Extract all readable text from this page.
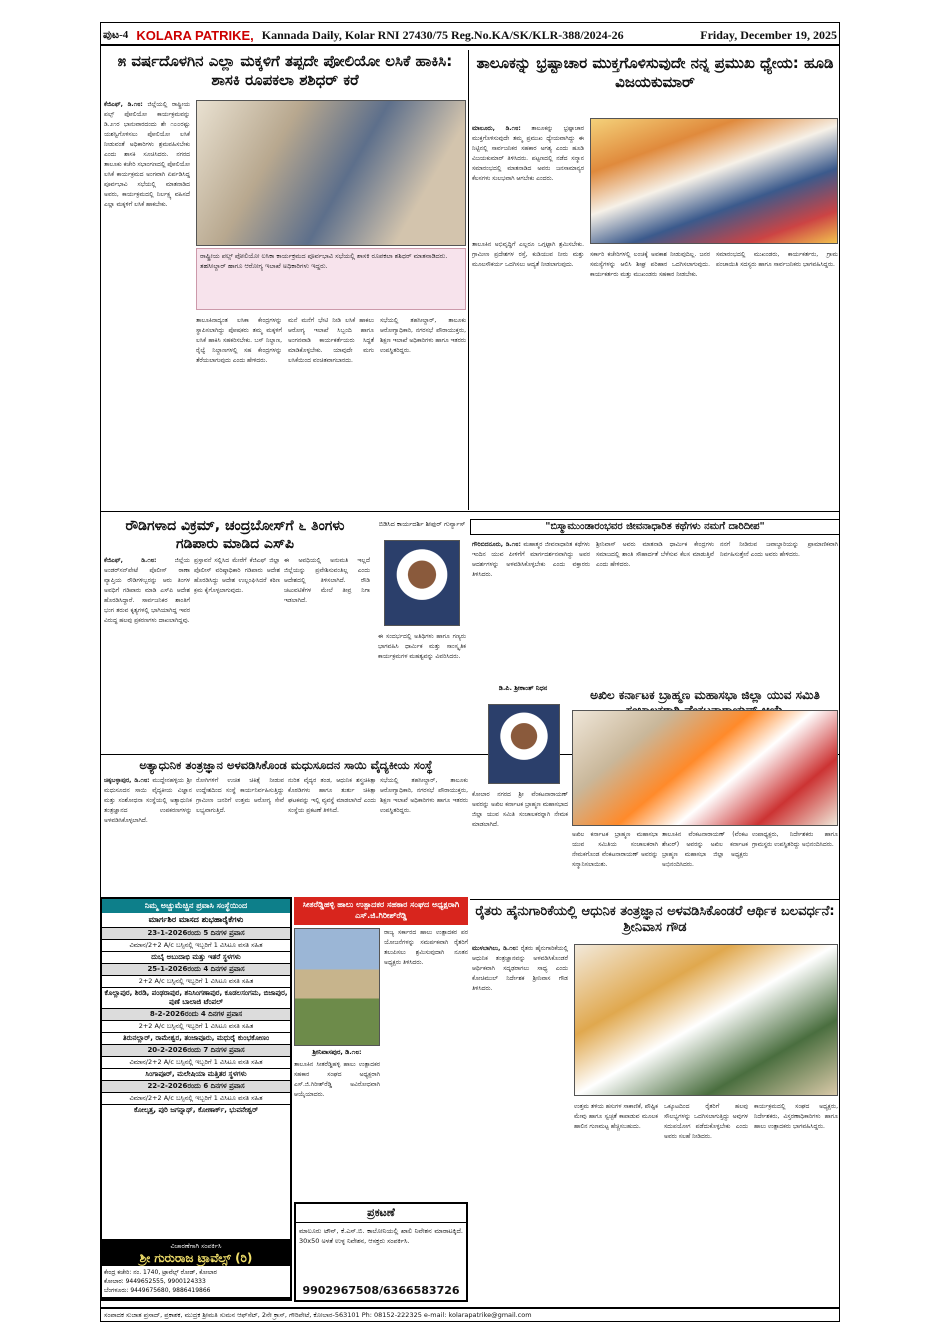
ಪುಟ-4 KOLARA PATRIKE, Kannada Daily, Kolar RNI 27430/75 Reg.No.KA/SK/KLR-388/2024-26	Friday, December 19, 2025
೫ ವರ್ಷದೊಳಗಿನ ಎಲ್ಲಾ ಮಕ್ಕಳಿಗೆ ತಪ್ಪದೇ ಪೋಲಿಯೋ ಲಸಿಕೆ ಹಾಕಿಸಿ: ಶಾಸಕಿ ರೂಪಕಲಾ ಶಶಿಧರ್ ಕರೆ
ಕೆಜಿಎಫ್, ಡಿ.೧೮: ಜಿಲ್ಲೆಯಲ್ಲಿ ರಾಷ್ಟ್ರೀಯ ಪಲ್ಸ್ ಪೋಲಿಯೋ ಕಾರ್ಯಕ್ರಮವನ್ನು ಡಿ.೨೧ರ ಭಾನುವಾರದಂದು ಶೇ ೧೦೦ರಷ್ಟು ಯಶಸ್ವಿಗೊಳಿಸಲು ಪೋಲಿಯೋ ಲಸಿಕೆ ನೀಡುವಂತೆ ಅಧಿಕಾರಿಗಳು ಶ್ರಮವಹಿಸಬೇಕು ಎಂದು ಶಾಸಕಿ ಸೂಚಿಸಿದರು. ನಗರದ ತಾಲೂಕು ಕಚೇರಿ ಸಭಾಂಗಣದಲ್ಲಿ ಪೋಲಿಯೋ ಲಸಿಕೆ ಕಾರ್ಯಕ್ರಮದ ಅಂಗವಾಗಿ ಏರ್ಪಡಿಸಿದ್ದ ಪೂರ್ವಭಾವಿ ಸಭೆಯಲ್ಲಿ ಮಾತನಾಡಿದ ಅವರು, ಕಾರ್ಯಕ್ರಮದಲ್ಲಿ ನಿರ್ಲಕ್ಷ್ಯ ವಹಿಸದೆ ಎಲ್ಲಾ ಮಕ್ಕಳಿಗೆ ಲಸಿಕೆ ಹಾಕಬೇಕು.
ರಾಷ್ಟ್ರೀಯ ಪಲ್ಸ್ ಪೋಲಿಯೋ ಲಸಿಕಾ ಕಾರ್ಯಕ್ರಮದ ಪೂರ್ವಭಾವಿ ಸಭೆಯಲ್ಲಿ ಶಾಸಕಿ ರೂಪಕಲಾ ಶಶಿಧರ್ ಮಾತನಾಡಿದರು. ತಹಸೀಲ್ದಾರ್ ಹಾಗೂ ಆರೋಗ್ಯ ಇಲಾಖೆ ಅಧಿಕಾರಿಗಳು ಇದ್ದರು.
ತಾಲೂಕಿನಾದ್ಯಂತ ಲಸಿಕಾ ಕೇಂದ್ರಗಳನ್ನು ಸ್ಥಾಪಿಸಲಾಗಿದ್ದು ಪೋಷಕರು ತಮ್ಮ ಮಕ್ಕಳಿಗೆ ಲಸಿಕೆ ಹಾಕಿಸಿ ಸಹಕರಿಸಬೇಕು. ಬಸ್ ನಿಲ್ದಾಣ, ರೈಲ್ವೆ ನಿಲ್ದಾಣಗಳಲ್ಲಿ ಸಹ ಕೇಂದ್ರಗಳನ್ನು ತೆರೆಯಲಾಗುವುದು ಎಂದು ಹೇಳಿದರು.
ಮನೆ ಮನೆಗೆ ಭೇಟಿ ನೀಡಿ ಲಸಿಕೆ ಹಾಕಲು ಆರೋಗ್ಯ ಇಲಾಖೆ ಸಿಬ್ಬಂದಿ ಹಾಗೂ ಅಂಗನವಾಡಿ ಕಾರ್ಯಕರ್ತೆಯರು ಸಿದ್ಧತೆ ಮಾಡಿಕೊಳ್ಳಬೇಕು. ಯಾವುದೇ ಮಗು ಲಸಿಕೆಯಿಂದ ವಂಚಿತವಾಗಬಾರದು.
ಸಭೆಯಲ್ಲಿ ತಹಸೀಲ್ದಾರ್, ತಾಲೂಕು ಆರೋಗ್ಯಾಧಿಕಾರಿ, ನಗರಸಭೆ ಪೌರಾಯುಕ್ತರು, ಶಿಕ್ಷಣ ಇಲಾಖೆ ಅಧಿಕಾರಿಗಳು ಹಾಗೂ ಇತರರು ಉಪಸ್ಥಿತರಿದ್ದರು.
ತಾಲೂಕನ್ನು ಭ್ರಷ್ಟಾಚಾರ ಮುಕ್ತಗೊಳಿಸುವುದೇ ನನ್ನ ಪ್ರಮುಖ ಧ್ಯೇಯ: ಹೂಡಿ ವಿಜಯಕುಮಾರ್
ಮಾಲೂರು, ಡಿ.೧೮: ತಾಲೂಕನ್ನು ಭ್ರಷ್ಟಾಚಾರ ಮುಕ್ತಗೊಳಿಸುವುದೇ ತಮ್ಮ ಪ್ರಮುಖ ಧ್ಯೇಯವಾಗಿದ್ದು ಈ ನಿಟ್ಟಿನಲ್ಲಿ ಸಾರ್ವಜನಿಕರ ಸಹಕಾರ ಅಗತ್ಯ ಎಂದು ಹೂಡಿ ವಿಜಯಕುಮಾರ್ ತಿಳಿಸಿದರು. ಪಟ್ಟಣದಲ್ಲಿ ನಡೆದ ಸನ್ಮಾನ ಸಮಾರಂಭದಲ್ಲಿ ಮಾತನಾಡಿದ ಅವರು ಜನಸಾಮಾನ್ಯರ ಕೆಲಸಗಳು ಸುಲಭವಾಗಿ ಆಗಬೇಕು ಎಂದರು.
ತಾಲೂಕಿನ ಅಭಿವೃದ್ಧಿಗೆ ಎಲ್ಲರೂ ಒಗ್ಗಟ್ಟಾಗಿ ಶ್ರಮಿಸಬೇಕು. ಗ್ರಾಮೀಣ ಪ್ರದೇಶಗಳ ರಸ್ತೆ, ಕುಡಿಯುವ ನೀರು ಮತ್ತು ಮೂಲಸೌಕರ್ಯ ಒದಗಿಸಲು ಆದ್ಯತೆ ನೀಡಲಾಗುವುದು.
ಸರ್ಕಾರಿ ಕಚೇರಿಗಳಲ್ಲಿ ಲಂಚಕ್ಕೆ ಅವಕಾಶ ನೀಡುವುದಿಲ್ಲ. ಜನರ ಸಮಸ್ಯೆಗಳನ್ನು ಆಲಿಸಿ ಶೀಘ್ರ ಪರಿಹಾರ ಒದಗಿಸಲಾಗುವುದು. ಕಾರ್ಯಕರ್ತರು ಮತ್ತು ಮುಖಂಡರು ಸಹಕಾರ ನೀಡಬೇಕು.
ಸಮಾರಂಭದಲ್ಲಿ ಮುಖಂಡರು, ಕಾರ್ಯಕರ್ತರು, ಗ್ರಾಮ ಪಂಚಾಯಿತಿ ಸದಸ್ಯರು ಹಾಗೂ ಸಾರ್ವಜನಿಕರು ಭಾಗವಹಿಸಿದ್ದರು.
ರೌಡಿಗಳಾದ ವಿಕ್ರಮ್, ಚಂದ್ರಬೋಸ್‌ಗೆ ೬ ತಿಂಗಳು ಗಡಿಪಾರು ಮಾಡಿದ ಎಸ್‌ಪಿ
ಕೆಜಿಎಫ್, ಡಿ.೧೮:	ಜಿಲ್ಲೆಯ ಅಂಡರ್‌ಸನ್‌ಪೇಟೆ ಪೊಲೀಸ್ ಠಾಣಾ ವ್ಯಾಪ್ತಿಯ ರೌಡಿಗಳಿಬ್ಬರನ್ನು ಆರು ತಿಂಗಳ ಅವಧಿಗೆ ಗಡಿಪಾರು ಮಾಡಿ ಎಸ್‌ಪಿ ಆದೇಶ ಹೊರಡಿಸಿದ್ದಾರೆ. ಸಾರ್ವಜನಿಕರ ಶಾಂತಿಗೆ ಭಂಗ ತರುವ ಕೃತ್ಯಗಳಲ್ಲಿ ಭಾಗಿಯಾಗಿದ್ದ ಇವರ ವಿರುದ್ಧ ಹಲವು ಪ್ರಕರಣಗಳು ದಾಖಲಾಗಿದ್ದವು.
ಪ್ರಸ್ತಾವನೆ ಸಲ್ಲಿಸಿದ ಮೇರೆಗೆ ಕೆಜಿಎಫ್ ಜಿಲ್ಲಾ ಪೊಲೀಸ್ ವರಿಷ್ಠಾಧಿಕಾರಿ ಗಡಿಪಾರು ಆದೇಶ ಹೊರಡಿಸಿದ್ದು ಆದೇಶ ಉಲ್ಲಂಘಿಸಿದರೆ ಕಠಿಣ ಕ್ರಮ ಕೈಗೊಳ್ಳಲಾಗುವುದು.
ಈ ಅವಧಿಯಲ್ಲಿ ಅನುಮತಿ ಇಲ್ಲದೆ ಜಿಲ್ಲೆಯನ್ನು ಪ್ರವೇಶಿಸುವಂತಿಲ್ಲ ಎಂದು ಆದೇಶದಲ್ಲಿ ತಿಳಿಸಲಾಗಿದೆ. ರೌಡಿ ಚಟುವಟಿಕೆಗಳ ಮೇಲೆ ತೀವ್ರ ನಿಗಾ ಇಡಲಾಗಿದೆ.
ಬಿಡಿಸಿದ ಕಾರ್ಯದರ್ಶಿ ಶೀಫುರ್ ಗುರ್ನ್ಯಾಸ್
ಈ ಸಂದರ್ಭದಲ್ಲಿ ಅತಿಥಿಗಳು ಹಾಗೂ ಗಣ್ಯರು ಭಾಗವಹಿಸಿ ಧಾರ್ಮಿಕ ಮತ್ತು ಸಾಂಸ್ಕೃತಿಕ ಕಾರ್ಯಕ್ರಮಗಳ ಮಹತ್ವವನ್ನು ವಿವರಿಸಿದರು.
"ಬಿಸ್ಮಾಮುಂಡಾರಂಭವರ ಜೀವನಾಧಾರಿತ ಕಥೆಗಳು ನಮಗೆ ದಾರಿದೀಪ"
ಗೌರಿಬಿದನೂರು, ಡಿ.೧೮: ಮಹಾತ್ಮರ ಜೀವನಾಧಾರಿತ ಕಥೆಗಳು ಇಂದಿನ ಯುವ ಪೀಳಿಗೆಗೆ ಮಾರ್ಗದರ್ಶನವಾಗಿದ್ದು ಅವರ ಆದರ್ಶಗಳನ್ನು ಅಳವಡಿಸಿಕೊಳ್ಳಬೇಕು ಎಂದು ವಕ್ತಾರರು ತಿಳಿಸಿದರು.
ಶ್ರೀನಿವಾಸ್ ಅವರು ಮಾತನಾಡಿ ಧಾರ್ಮಿಕ ಕೇಂದ್ರಗಳು ಸಮಾಜದಲ್ಲಿ ಶಾಂತಿ ಸೌಹಾರ್ದತೆ ಬೆಳೆಸುವ ಕೆಲಸ ಮಾಡುತ್ತಿವೆ ಎಂದು ಹೇಳಿದರು.
ನನಗೆ ನೀಡಿರುವ ಜವಾಬ್ದಾರಿಯನ್ನು ಪ್ರಾಮಾಣಿಕವಾಗಿ ನಿರ್ವಹಿಸುತ್ತೇನೆ ಎಂದು ಅವರು ಹೇಳಿದರು.
ಡಿ.ಪಿ. ಶ್ರೀಕಾಂತ್ ನಿಧನ	ಅಖಿಲ ಕರ್ನಾಟಕ ಬ್ರಾಹ್ಮಣ ಮಹಾಸಭಾ ಜಿಲ್ಲಾ ಯುವ ಸಮಿತಿ
ಕೋಲಾರ ನಗರದ ಶ್ರೀ ವೆಂಕಟನಾರಾಯಣ್ ಅವರನ್ನು ಅಖಿಲ ಕರ್ನಾಟಕ ಬ್ರಾಹ್ಮಣ ಮಹಾಸಭಾದ ಜಿಲ್ಲಾ ಯುವ ಸಮಿತಿ ಸಂಚಾಲಕರನ್ನಾಗಿ ನೇಮಕ ಮಾಡಲಾಗಿದೆ.
ಅಖಿಲ ಕರ್ನಾಟಕ ಬ್ರಾಹ್ಮಣ ಮಹಾಸಭಾ ಯುವ ಸಮಿತಿಯ ಸಂಚಾಲಕರಾಗಿ ನೇಮಕಗೊಂಡ ವೆಂಕಟನಾರಾಯಣ್ ಅವರನ್ನು ಸನ್ಮಾನಿಸಲಾಯಿತು.
ತಾಲೂಕಿನ ವೆಂಕಟನಾರಾಯಣ್ (ವೆಂಕಟ ಶೇಖರ್) ಅವರನ್ನು ಅಖಿಲ ಕರ್ನಾಟಕ ಬ್ರಾಹ್ಮಣ ಮಹಾಸಭಾ ಜಿಲ್ಲಾ ಅಧ್ಯಕ್ಷರು ಅಭಿನಂದಿಸಿದರು.
ಉಪಾಧ್ಯಕ್ಷರು, ನಿರ್ದೇಶಕರು ಹಾಗೂ ಗ್ರಾಮಸ್ಥರು ಉಪಸ್ಥಿತರಿದ್ದು ಅಭಿನಂದಿಸಿದರು.
ಅತ್ಯಾಧುನಿಕ ತಂತ್ರಜ್ಞಾನ ಅಳವಡಿಸಿಕೊಂಡ ಮಧುಸೂದನ ಸಾಯಿ ವೈದ್ಯಕೀಯ ಸಂಸ್ಥೆ
ಚಿಕ್ಕಬಳ್ಳಾಪುರ, ಡಿ.೧೮: ಮುದ್ದೇನಹಳ್ಳಿಯ ಶ್ರೀ ಮಧುಸೂದನ ಸಾಯಿ ವೈದ್ಯಕೀಯ ವಿಜ್ಞಾನ ಮತ್ತು ಸಂಶೋಧನಾ ಸಂಸ್ಥೆಯಲ್ಲಿ ಅತ್ಯಾಧುನಿಕ ತಂತ್ರಜ್ಞಾನದ ಉಪಕರಣಗಳನ್ನು ಅಳವಡಿಸಿಕೊಳ್ಳಲಾಗಿದೆ.
ರೋಗಿಗಳಿಗೆ ಉಚಿತ ಚಿಕಿತ್ಸೆ ನೀಡುವ ಉದ್ದೇಶದಿಂದ ಸಂಸ್ಥೆ ಕಾರ್ಯನಿರ್ವಹಿಸುತ್ತಿದ್ದು ಗ್ರಾಮೀಣ ಜನರಿಗೆ ಉತ್ತಮ ಆರೋಗ್ಯ ಸೇವೆ ಲಭ್ಯವಾಗುತ್ತಿದೆ.
ನುರಿತ ವೈದ್ಯರ ತಂಡ, ಆಧುನಿಕ ಶಸ್ತ್ರಚಿಕಿತ್ಸಾ ಕೊಠಡಿಗಳು ಹಾಗೂ ತುರ್ತು ಚಿಕಿತ್ಸಾ ಘಟಕವನ್ನು ಇಲ್ಲಿ ವ್ಯವಸ್ಥೆ ಮಾಡಲಾಗಿದೆ ಎಂದು ಸಂಸ್ಥೆಯ ಪ್ರಕಟಣೆ ತಿಳಿಸಿದೆ.
ಸಭೆಯಲ್ಲಿ ತಹಸೀಲ್ದಾರ್, ತಾಲೂಕು ಆರೋಗ್ಯಾಧಿಕಾರಿ, ನಗರಸಭೆ ಪೌರಾಯುಕ್ತರು, ಶಿಕ್ಷಣ ಇಲಾಖೆ ಅಧಿಕಾರಿಗಳು ಹಾಗೂ ಇತರರು ಉಪಸ್ಥಿತರಿದ್ದರು.
ನಿಮ್ಮ ಅಚ್ಚುಮೆಚ್ಚಿನ ಪ್ರವಾಸಿ ಸಂಸ್ಥೆಯಿಂದ
ಮಾರ್ಗಶಿರ ಮಾಸದ ಶುಭಹಾರೈಕೆಗಳು
23-1-2026ರಂದು 5 ದಿನಗಳ ಪ್ರವಾಸ
ವಿಮಾನ/2+2 A/c ಬಸ್ಸಿನಲ್ಲಿ ಇಬ್ಬರಿಗೆ 1 ವಿಸಿಟೂ ವಸತಿ ಸಹಿತ
ದುಬೈ ಅಬುದಾಭಿ ಮತ್ತು ಇತರೆ ಸ್ಥಳಗಳು
25-1-2026ರಂದು 4 ದಿನಗಳ ಪ್ರವಾಸ
2+2 A/c ಬಸ್ಸಿನಲ್ಲಿ ಇಬ್ಬರಿಗೆ 1 ವಿಸಿಟೂ ವಸತಿ ಸಹಿತ
ಕೊಲ್ಲಾಪುರ, ಶಿರಡಿ, ಪಂಢರಾಪುರ, ಶನಿಸಿಂಗಣಾಪುರ, ಕೂಡಲಸಂಗಮ, ಬಿಜಾಪುರ, ಪುಣೆ ಬಾಲಾಜಿ ಟೆಂಪಲ್
8-2-2026ರಂದು 4 ದಿನಗಳ ಪ್ರವಾಸ
2+2 A/c ಬಸ್ಸಿನಲ್ಲಿ ಇಬ್ಬರಿಗೆ 1 ವಿಸಿಟೂ ವಸತಿ ಸಹಿತ
ತಿರುನಲ್ಲಾರ್, ರಾಮೇಶ್ವರ, ತಂಜಾವೂರು, ಮಧುರೈ ಕುಂಭಕೋಣಂ
20-2-2026ರಂದು 7 ದಿನಗಳ ಪ್ರವಾಸ
ವಿಮಾನ/2+2 A/c ಬಸ್ಸಿನಲ್ಲಿ ಇಬ್ಬರಿಗೆ 1 ವಿಸಿಟೂ ವಸತಿ ಸಹಿತ
ಸಿಂಗಾಪೂರ್, ಮಲೇಷಿಯಾ ಮತ್ತಿತರ ಸ್ಥಳಗಳು
22-2-2026ರಂದು 6 ದಿನಗಳ ಪ್ರವಾಸ
ವಿಮಾನ/2+2 A/c ಬಸ್ಸಿನಲ್ಲಿ ಇಬ್ಬರಿಗೆ 1 ವಿಸಿಟೂ ವಸತಿ ಸಹಿತ
ಕೋಲ್ಕತ್ತ, ಪುರಿ ಜಗನ್ನಾಥ್, ಕೋಣಾರ್ಕ್, ಭುವನೇಶ್ವರ್
ವಿಚಾರಣೆಗಾಗಿ ಸಂಪರ್ಕಿಸಿ
ಶ್ರೀ ಗುರುರಾಜ ಟ್ರಾವೆಲ್ಸ್ (ರಿ)
ಕೇಂದ್ರ ಕಚೇರಿ: ನಂ. 1740, ಟ್ರಾವೆಲ್ಸ್ ರೋಡ್, ಕೋಲಾರ
ಕೋಲಾರ: 9449652555, 9900124333
ಬೆಂಗಳೂರು: 9449675680, 9886419866
ಸೀತರೆಡ್ಡಿಹಳ್ಳಿ ಹಾಲು ಉತ್ಪಾದಕರ ಸಹಕಾರ ಸಂಘದ ಅಧ್ಯಕ್ಷರಾಗಿ ಎಸ್.ಜಿ.ಗಿರೀಶ್‌ರೆಡ್ಡಿ
ಶ್ರೀನಿವಾಸಪುರ, ಡಿ.೧೮:
ತಾಲೂಕಿನ ಸೀತರೆಡ್ಡಿಹಳ್ಳಿ ಹಾಲು ಉತ್ಪಾದಕರ ಸಹಕಾರ ಸಂಘದ ಅಧ್ಯಕ್ಷರಾಗಿ ಎಸ್.ಜಿ.ಗಿರೀಶ್‌ರೆಡ್ಡಿ ಅವಿರೋಧವಾಗಿ ಆಯ್ಕೆಯಾದರು.
ರಾಜ್ಯ ಸರ್ಕಾರದ ಹಾಲು ಉತ್ಪಾದಕರ ಪರ ಯೋಜನೆಗಳನ್ನು ಸಮರ್ಪಕವಾಗಿ ರೈತರಿಗೆ ತಲುಪಿಸಲು ಶ್ರಮಿಸುವುದಾಗಿ ನೂತನ ಅಧ್ಯಕ್ಷರು ತಿಳಿಸಿದರು.
ಪ್ರಕಟಣೆ
ಮಾಲೂರು ಟೌನ್, ಕೆ.ಎಸ್.ಬಿ. ಕಾಲೋನಿಯಲ್ಲಿ ಖಾಲಿ ನಿವೇಶನ ಮಾರಾಟಕ್ಕಿದೆ. 30x50 ಅಳತೆ ಉಳ್ಳ ನಿವೇಶನ, ಆಸಕ್ತರು ಸಂಪರ್ಕಿಸಿ.
9902967508/6366583726
ರೈತರು ಹೈನುಗಾರಿಕೆಯಲ್ಲಿ ಆಧುನಿಕ ತಂತ್ರಜ್ಞಾನ ಅಳವಡಿಸಿಕೊಂಡರೆ ಆರ್ಥಿಕ ಬಲವರ್ಧನೆ: ಶ್ರೀನಿವಾಸ ಗೌಡ
ಮುಳಬಾಗಿಲು, ಡಿ.೧೮: ರೈತರು ಹೈನುಗಾರಿಕೆಯಲ್ಲಿ ಆಧುನಿಕ ತಂತ್ರಜ್ಞಾನವನ್ನು ಅಳವಡಿಸಿಕೊಂಡರೆ ಆರ್ಥಿಕವಾಗಿ ಸದೃಢರಾಗಲು ಸಾಧ್ಯ ಎಂದು ಕೋಚಿಮುಲ್ ನಿರ್ದೇಶಕ ಶ್ರೀನಿವಾಸ ಗೌಡ ತಿಳಿಸಿದರು.
ಉತ್ತಮ ತಳಿಯ ಹಸುಗಳ ಸಾಕಾಣಿಕೆ, ಪೌಷ್ಟಿಕ ಮೇವು ಹಾಗೂ ಸ್ವಚ್ಛತೆ ಕಾಪಾಡುವ ಮೂಲಕ ಹಾಲಿನ ಗುಣಮಟ್ಟ ಹೆಚ್ಚಿಸಬಹುದು.
ಒಕ್ಕೂಟದಿಂದ ರೈತರಿಗೆ ಹಲವು ಸೌಲಭ್ಯಗಳನ್ನು ಒದಗಿಸಲಾಗುತ್ತಿದ್ದು ಅವುಗಳ ಸದುಪಯೋಗ ಪಡೆದುಕೊಳ್ಳಬೇಕು ಎಂದು ಅವರು ಸಲಹೆ ನೀಡಿದರು.
ಕಾರ್ಯಕ್ರಮದಲ್ಲಿ ಸಂಘದ ಅಧ್ಯಕ್ಷರು, ನಿರ್ದೇಶಕರು, ವಿಸ್ತರಣಾಧಿಕಾರಿಗಳು ಹಾಗೂ ಹಾಲು ಉತ್ಪಾದಕರು ಭಾಗವಹಿಸಿದ್ದರು.
ಸಂಪಾದಕ ಸುಜಾತ ಪ್ರಸಾದ್, ಪ್ರಕಾಶಕ, ಮುದ್ರಕ ಶ್ರೀಮತಿ ಸುಮನ ಆಫ್‌ಸೆಟ್, 2ನೇ ಕ್ರಾಸ್, ಗೌರಿಪೇಟೆ, ಕೋಲಾರ-563101 Ph: 08152-222325 e-mail: kolarapatrike@gmail.com
